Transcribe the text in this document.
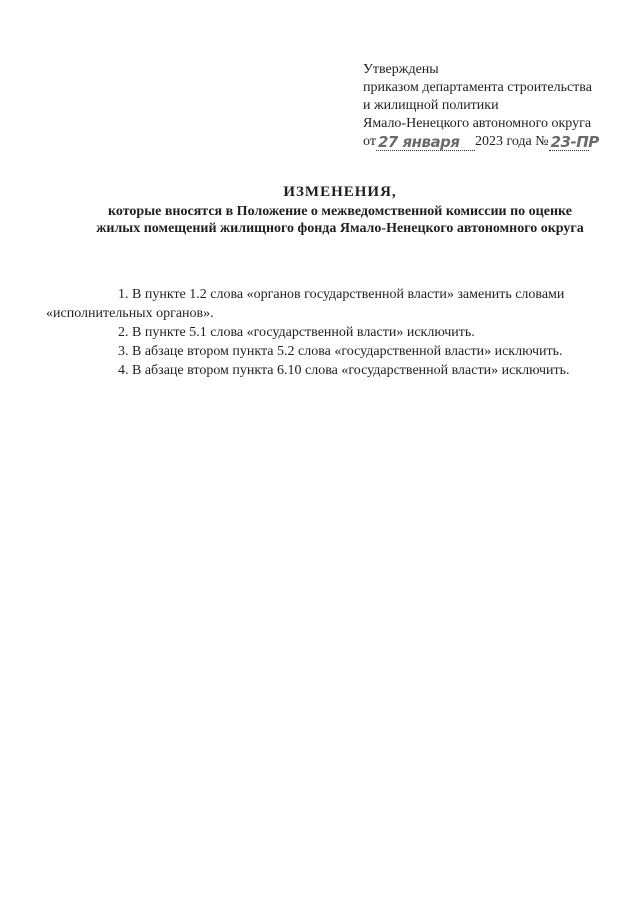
Утверждены
приказом департамента строительства
и жилищной политики
Ямало-Ненецкого автономного округа
от 27 января	2023 года № 23-ПР
ИЗМЕНЕНИЯ,
которые вносятся в Положение о межведомственной комиссии по оценке
жилых помещений жилищного фонда Ямало-Ненецкого автономного округа
1. В пункте 1.2 слова «органов государственной власти» заменить словами
«исполнительных органов».
2. В пункте 5.1 слова «государственной власти» исключить.
3. В абзаце втором пункта 5.2 слова «государственной власти» исключить.
4. В абзаце втором пункта 6.10 слова «государственной власти» исключить.
